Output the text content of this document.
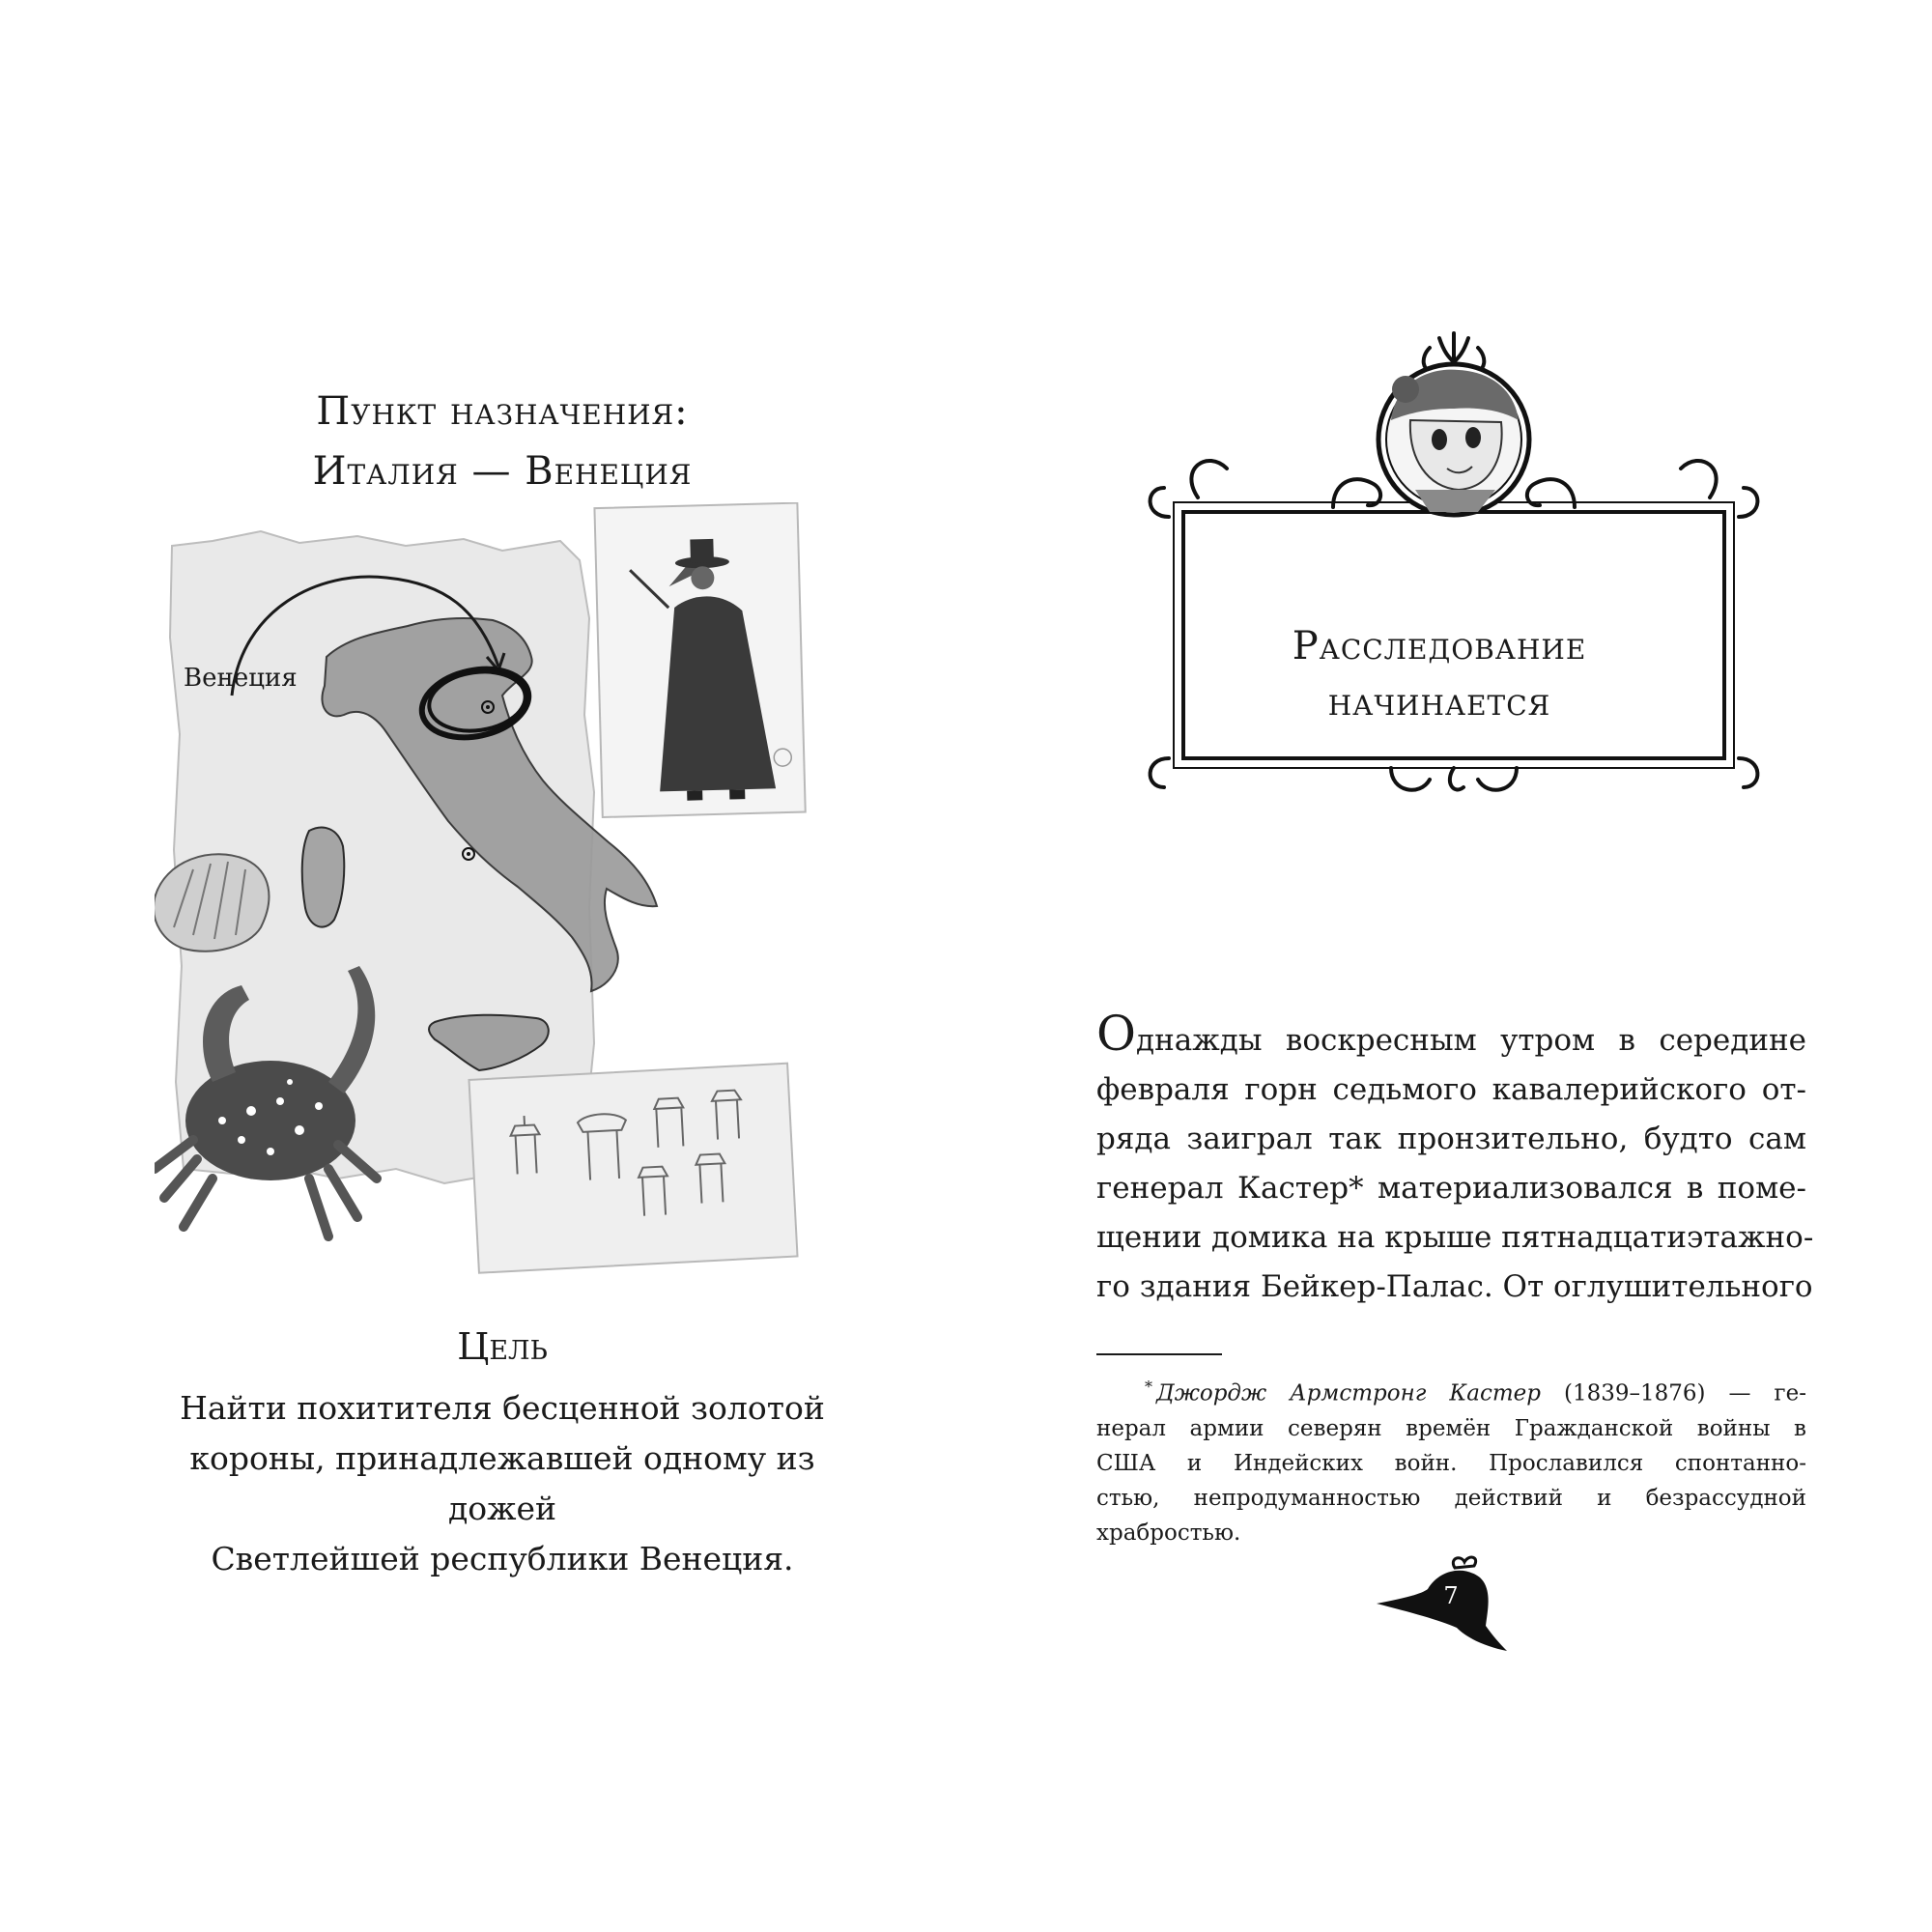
Пункт назначения:
Италия — Венеция
Венеция
Цель
Найти похитителя бесценной золотой
короны, принадлежавшей одному из дожей
Светлейшей республики Венеция.
Расследование
начинается
Однажды воскресным утром в середине
февраля горн седьмого кавалерийского от-
ряда заиграл так пронзительно, будто сам
генерал Кастер* материализовался в поме-
щении домика на крыше пятнадцатиэтажно-
го здания Бейкер-Палас. От оглушительного
* Джордж Армстронг Кастер (1839–1876) — ге-
нерал армии северян времён Гражданской войны в
США и Индейских войн. Прославился спонтанно-
стью, непродуманностью действий и безрассудной
храбростью.
7
